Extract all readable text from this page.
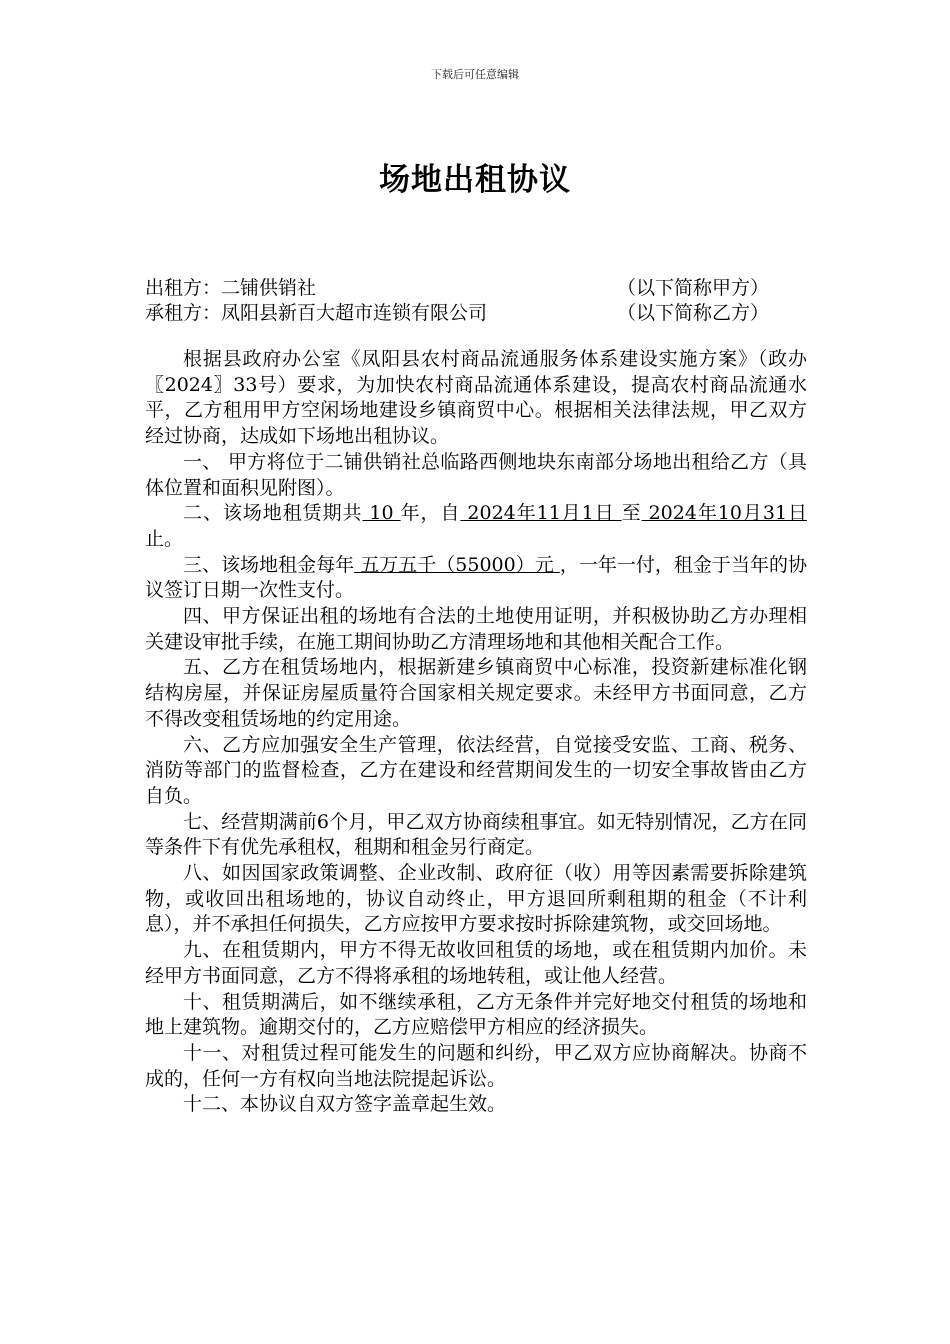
下载后可任意编辑
场地出租协议
出租方：二铺供销社	（以下简称甲方）
承租方：凤阳县新百大超市连锁有限公司	（以下简称乙方）

根据县政府办公室《凤阳县农村商品流通服务体系建设实施方案》（政办〖2024〗33号）要求，为加快农村商品流通体系建设，提高农村商品流通水平，乙方租用甲方空闲场地建设乡镇商贸中心。根据相关法律法规，甲乙双方经过协商，达成如下场地出租协议。

一、 甲方将位于二铺供销社总临路西侧地块东南部分场地出租给乙方（具体位置和面积见附图）。

二、该场地租赁期共 10 年，自 2024年11月1日 至 2024年10月31日 止。

三、该场地租金每年 五万五千（55000）元 ，一年一付，租金于当年的协议签订日期一次性支付。

四、甲方保证出租的场地有合法的土地使用证明，并积极协助乙方办理相关建设审批手续，在施工期间协助乙方清理场地和其他相关配合工作。

五、乙方在租赁场地内，根据新建乡镇商贸中心标准，投资新建标准化钢结构房屋，并保证房屋质量符合国家相关规定要求。未经甲方书面同意，乙方不得改变租赁场地的约定用途。

六、乙方应加强安全生产管理，依法经营，自觉接受安监、工商、税务、消防等部门的监督检查，乙方在建设和经营期间发生的一切安全事故皆由乙方自负。

七、经营期满前6个月，甲乙双方协商续租事宜。如无特别情况，乙方在同等条件下有优先承租权，租期和租金另行商定。

八、如因国家政策调整、企业改制、政府征（收）用等因素需要拆除建筑物，或收回出租场地的，协议自动终止，甲方退回所剩租期的租金（不计利息），并不承担任何损失，乙方应按甲方要求按时拆除建筑物，或交回场地。

九、在租赁期内，甲方不得无故收回租赁的场地，或在租赁期内加价。未经甲方书面同意，乙方不得将承租的场地转租，或让他人经营。

十、租赁期满后，如不继续承租，乙方无条件并完好地交付租赁的场地和地上建筑物。逾期交付的，乙方应赔偿甲方相应的经济损失。

十一、对租赁过程可能发生的问题和纠纷，甲乙双方应协商解决。协商不成的，任何一方有权向当地法院提起诉讼。

十二、本协议自双方签字盖章起生效。
